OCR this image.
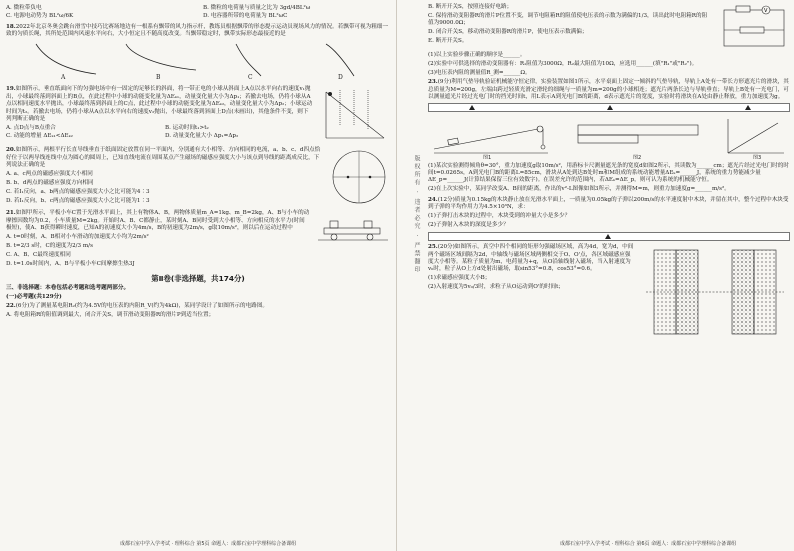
版权所有 · 违者必究 · 严禁翻印
A. 微粒带负电	B. 微粒的电荷量与质量之比为 3gd/4BL²ω
C. 电源电动势为 BL²ω/6K	D. 电容器所带的电荷量为 BL²ωC

18.2022年北京冬奥会跳台滑雪中技巧比赛场地边有一根系有飘带的风力指示杆，教练员根据飘带的形态提示运动员现场风力的情况。若飘带可视为粗细一致的匀质长绳，其所处范围内风速水平向右，大小恒定且不随高度改变。当飘带稳定时，飘带实际形态最接近的是

A	B	C	D

19.如图所示，垂直纸面向下的匀强电场中有一固定的足够长的斜面，将一带正电的小球从斜面上A点以水平向右的速度v₁抛出，小球最终落到斜面上的B点，在此过程中小球的动能变化量为ΔEₖ₁，动量变化量大小为Δp₁；若撤去电场，仍将小球从A点以相同速度水平抛出，小球最终落到斜面上的C点，此过程中小球的动能变化量为ΔEₖ₂，动量变化量大小为Δp₂；小球运动时间为t₂。若撤去电场，仍将小球从A点以水平向右的速度v₂抛出，小球最终落到斜面上D点(未画出)，其他条件不变，则下列判断正确的是

A. 点D点与B点重合	B. 运动时间t₁>t₂
C. 动能的增量 ΔEₖ₁<ΔEₖ₂	D. 动量变化量大小 Δp₁=Δp₂

20.如图所示，两根平行长直导线垂直于纸面固定放置在同一平面内，分别通有大小相等、方向相同的电流，a、b、c、d四点恰好位于以两导线连线中点为圆心的圆周上，已知直线电流在周围某点产生磁场的磁感应强度大小与该点到导线的距离成反比，下列说法正确的是

A. a、c两点的磁感应强度大小相同

B. b、d两点的磁感应强度方向相同

C. 若I₁反向，a、b两点的磁感应强度大小之比可能为4∶3

D. 若I₁反向，b、c两点的磁感应强度大小之比可能为1∶3

21.如图甲所示，平板小车C置于光滑水平面上，其上有物体A、B，两物体质量m_A=1kg、m_B=2kg，A、B与小车的动摩擦因数均为0.2，小车质量M=2kg。开始时A、B、C都静止，某时刻A、B同时受到大小相等、方向相反的水平力(时间极短)，使A、B获得瞬时速度，已知A的初速度大小为4m/s，B的初速度为2m/s，g取10m/s²，则以后在运动过程中

A. t=0时刻，A、B相对小车滑动的加速度大小均为2m/s²

B. t=2/3 s时，C的速度为2/3 m/s

C. A、B、C最终速度相同

D. t=1.0s时间内，A、B与平板小车C间摩擦生热3J

第Ⅱ卷(非选择题，共174分)

三、非选择题：本卷包括必考题和选考题两部分。

(一)必考题(共129分)

22.(6分)为了测量某电阻R₂(约为4.5V的电压表的内阻R_V(约为4kΩ)，某同学设计了如图所示的电路图。

A. 将电阻箱R的阻值调到最大，闭合开关S，调节滑动变阻器R的滑片P到适当位置；

B. 断开开关S，按照连接好电路；

C. 保持滑动变阻器R的滑片P位置不变，调节电阻箱R的阻值使电压表的示数为满偏的1/3，读出此时电阻箱R的阻值为9000.0Ω；

D. 闭合开关S，移动滑动变阻器R的滑片P，使电压表示数满偏；

E. 断开开关S。

V

(1)以上实验步骤正确的顺序是______。

(2)实验中可供选择的滑动变阻器有：R₁阻值为3000Ω，R₂最大阻值为10Ω，应选用______(填"R₁"或"R₂")。

(3)电压表内阻的测量值R_测=______Ω。

23.(9分)利用气垫导轨验证机械能守恒定律，实验装置如图1所示，水平桌面上固定一倾斜的气垫导轨，导轨上A处有一带长方形遮光片的滑块，其总质量为M=200g，左端由跨过轻质光滑定滑轮的细绳与一质量为m=200g的小球相连；遮光片两条长边与导轨垂直；导轨上B处有一光电门，可以测量遮光片经过光电门时的挡光时间t，用L表示A到光电门B的距离，d表示遮光片的宽度，实验时将滑块在A处由静止释放，重力加速度为g。

图1	图2	图3

(1)某次实验测得倾角θ=30°，重力加速度g取10m/s²，用游标卡尺测量遮光条的宽度d如图2所示，其读数为______cm；遮光片经过光电门时的时间t=0.0265s，A到光电门B的距离L=85cm，滑块从A处到达B处时m和M组成的系统动能增量ΔEₖ=______J，系统的重力势能减少量ΔE_p=______J(计算结果保留三位有效数字)。在误差允许的范围内，若ΔEₖ=ΔE_p，则可认为系统的机械能守恒。

(2)在上次实验中，某同学改变A、B间的距离，作出的v²-L图像如图3所示，并测得M=m，则重力加速度g=______m/s²。

24.(12分)质量为0.15kg的木块静止放在光滑水平面上，一质量为0.05kg的子弹以200m/s的水平速度射中木块，并留在其中，整个过程中木块受到子弹的平均作用力为4.5×10³N，求：

(1)子弹打击木块的过程中，木块受到的冲量大小是多少？

(2)子弹射入木块的深度是多少？

25.(20分)如图所示，真空中四个相同的矩形匀强磁场区域，高为4d，宽为d，中间两个磁场区域间隔为2d，中轴线与磁场区域两侧相交于O、O'点，各区域磁感应强度大小相等。某粒子质量为m，电荷量为+q，从O沿轴线射入磁场，当入射速度为v₀时，粒子从O上方d处射出磁场，取sin53°=0.8，cos53°=0.6。

(1)求磁感应强度大小B；

(2)入射速度为5v₀/3时，求粒子从O运动到O'的时间t；

成都石室中学入学考试 · 理科综合 第5页 命题人：成都石室中学理科综合备课组	成都石室中学入学考试 · 理科综合 第6页 命题人：成都石室中学理科综合备课组
